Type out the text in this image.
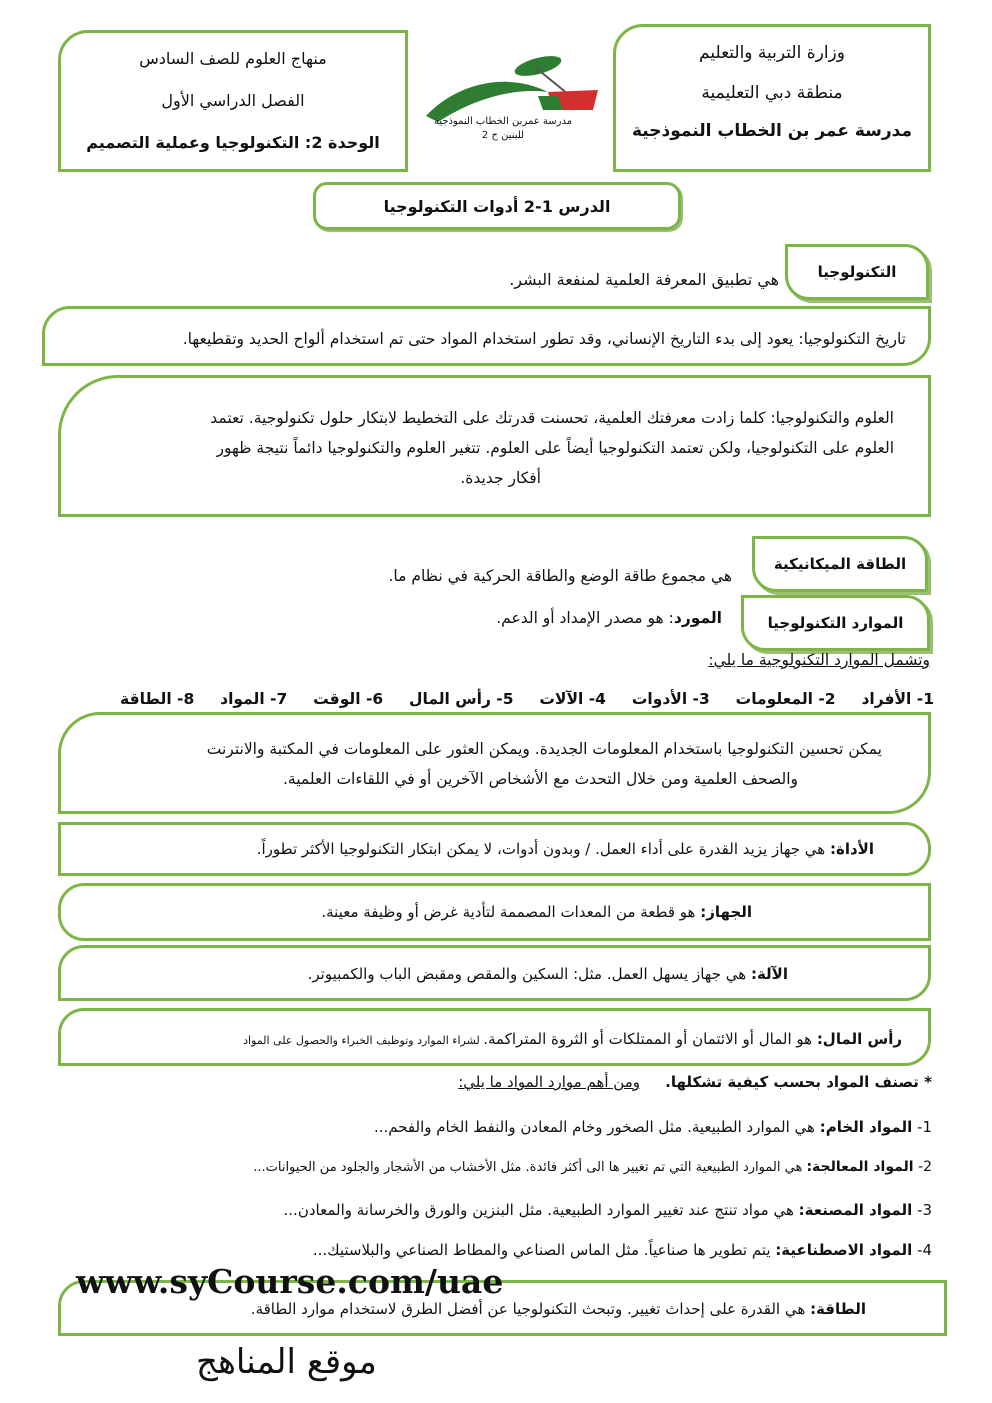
وزارة التربية والتعليم
منطقة دبي التعليمية
مدرسة عمر بن الخطاب النموذجية
منهاج العلوم للصف السادس
الفصل الدراسي الأول
الوحدة 2: التكنولوجيا وعملية التصميم
مدرسة عمربن الخطاب النموذجيه
للبنين ح 2
الدرس 1-2 أدوات التكنولوجيا
التكنولوجيا
هي تطبيق المعرفة العلمية لمنفعة البشر.
تاريخ التكنولوجيا: يعود إلى بدء التاريخ الإنساني، وقد تطور استخدام المواد حتى تم استخدام ألواح الحديد وتقطيعها.
العلوم والتكنولوجيا: كلما زادت معرفتك العلمية، تحسنت قدرتك على التخطيط لابتكار حلول تكنولوجية. تعتمد
العلوم على التكنولوجيا، ولكن تعتمد التكنولوجيا أيضاً على العلوم. تتغير العلوم والتكنولوجيا دائماً نتيجة ظهور
أفكار جديدة.
الطاقة الميكانيكية
هي مجموع طاقة الوضع والطاقة الحركية في نظام ما.
الموارد التكنولوجيا
المورد: هو مصدر الإمداد أو الدعم.
وتشمل الموارد التكنولوجية ما يلي:
1- الأفراد
2- المعلومات
3- الأدوات
4- الآلات
5- رأس المال
6- الوقت
7- المواد
8- الطاقة
يمكن تحسين التكنولوجيا باستخدام المعلومات الجديدة. ويمكن العثور على المعلومات في المكتبة والانترنت
والصحف العلمية ومن خلال التحدث مع الأشخاص الآخرين أو في اللقاءات العلمية.
الأداة: هي جهاز يزيد القدرة على أداء العمل. / وبدون أدوات، لا يمكن ابتكار التكنولوجيا الأكثر تطوراً.
الجهاز: هو قطعة من المعدات المصممة لتأدية غرض أو وظيفة معينة.
الآلة: هي جهاز يسهل العمل. مثل: السكين والمقص ومقبض الباب والكمبيوتر.
رأس المال: هو المال أو الائتمان أو الممتلكات أو الثروة المتراكمة. لشراء الموارد وتوظيف الخبراء والحصول على المواد
* تصنف المواد بحسب كيفية تشكلها.
ومن أهم موارد المواد ما يلي:
1- المواد الخام: هي الموارد الطبيعية. مثل الصخور وخام المعادن والنفط الخام والفحم...
2- المواد المعالجة: هي الموارد الطبيعية التي تم تغيير ها الى أكثر فائدة. مثل الأخشاب من الأشجار والجلود من الحيوانات...
3- المواد المصنعة: هي مواد تنتج عند تغيير الموارد الطبيعية. مثل البنزين والورق والخرسانة والمعادن...
4- المواد الاصطناعية: يتم تطوير ها صناعياً. مثل الماس الصناعي والمطاط الصناعي والبلاستيك...
الطاقة: هي القدرة على إحداث تغيير. وتبحث التكنولوجيا عن أفضل الطرق لاستخدام موارد الطاقة.
www.syCourse.com/uae
موقع المناهج
